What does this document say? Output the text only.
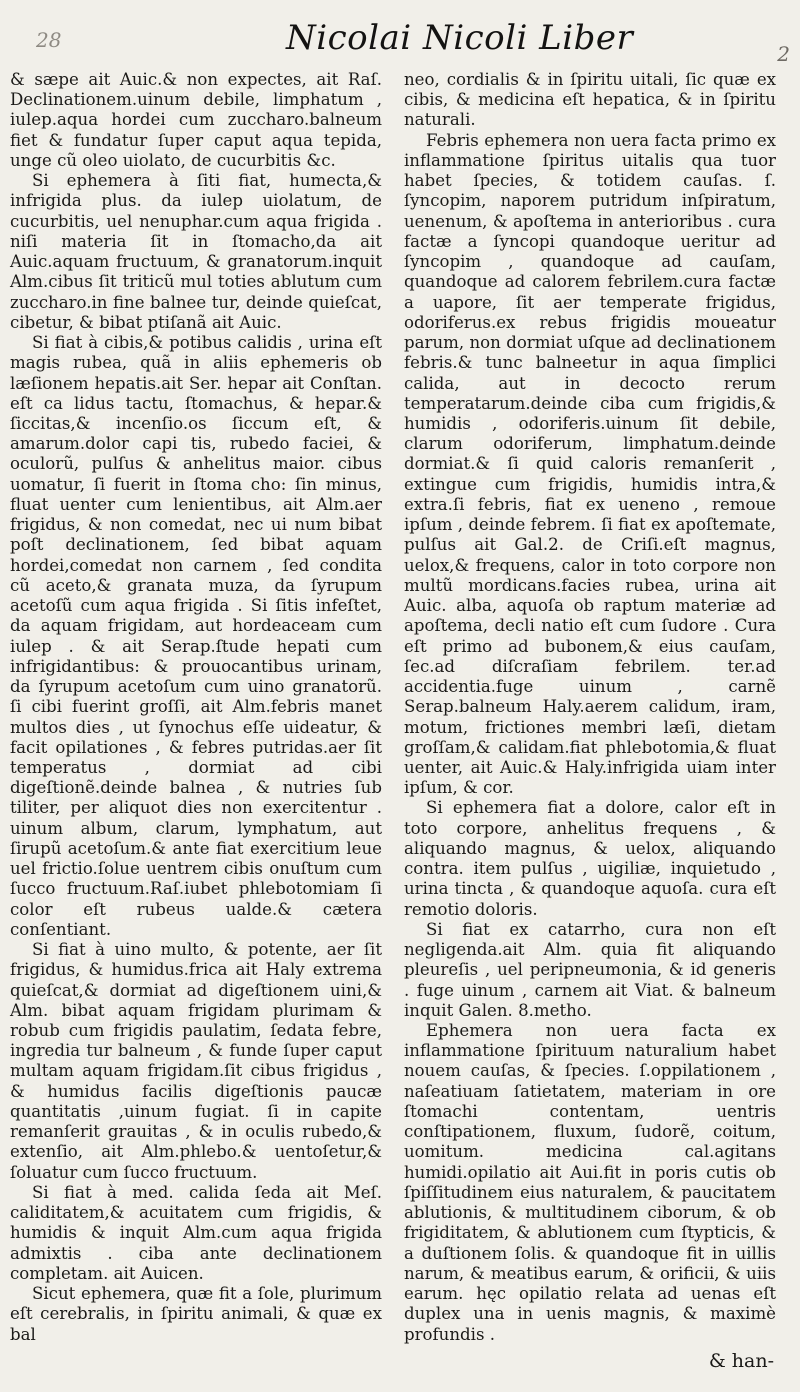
28	Nicolai Nicoli Liber	2

& sæpe ait Auic.& non expectes, ait Raſ. Declinationem.uinum debile, limphatum , iulep.aqua hordei cum zuccharo.balneum fiet & fundatur ſuper caput aqua tepida, unge cũ oleo uiolato, de cucurbitis &c.

Si ephemera à ſiti fiat, humecta,& infrigida plus. da iulep uiolatum, de cucurbitis, uel nenuphar.cum aqua frigida . niſi materia ſit in ſtomacho,da ait Auic.aquam fructuum, & granatorum.inquit Alm.cibus ſit triticũ mul toties ablutum cum zuccharo.in fine balnee tur, deinde quieſcat, cibetur, & bibat ptiſanã ait Auic.

Si fiat à cibis,& potibus calidis , urina eſt magis rubea, quã in aliis ephemeris ob læſionem hepatis.ait Ser. hepar ait Conſtan. eſt ca lidus tactu, ſtomachus, & hepar.& ſiccitas,& incenſio.os ſiccum eſt, & amarum.dolor capi tis, rubedo faciei, & oculorũ, pulſus & anhelitus maior. cibus uomatur, ſi fuerit in ſtoma cho: ſin minus, fluat uenter cum lenientibus, ait Alm.aer frigidus, & non comedat, nec ui num bibat poſt declinationem, ſed bibat aquam hordei,comedat non carnem , ſed condita cũ aceto,& granata muza, da ſyrupum acetoſũ cum aqua frigida . Si ſitis infeſtet, da aquam frigidam, aut hordeaceam cum iulep . & ait Serap.ſtude hepati cum infrigidantibus: & prouocantibus urinam, da ſyrupum acetoſum cum uino granatorũ. ſi cibi fuerint groſſi, ait Alm.febris manet multos dies , ut ſynochus eſſe uideatur, & facit opilationes , & febres putridas.aer ſit temperatus , dormiat ad cibi digeſtionẽ.deinde balnea , & nutries ſub tiliter, per aliquot dies non exercitentur . uinum album, clarum, lymphatum, aut ſirupũ acetoſum.& ante fiat exercitium leue uel frictio.ſolue uentrem cibis onuſtum cum ſucco fructuum.Raſ.iubet phlebotomiam ſi color eſt rubeus ualde.& cætera conſentiant.

Si fiat à uino multo, & potente, aer ſit frigidus, & humidus.frica ait Haly extrema quieſcat,& dormiat ad digeſtionem uini,& Alm. bibat aquam frigidam plurimam & robub cum frigidis paulatim, ſedata febre, ingredia tur balneum , & funde ſuper caput multam aquam frigidam.ſit cibus frigidus , & humidus facilis digeſtionis paucæ quantitatis ,uinum fugiat. ſi in capite remanſerit grauitas , & in oculis rubedo,& extenſio, ait Alm.phlebo.& uentoſetur,& ſoluatur cum ſucco fructuum.

Si fiat à med. calida ſeda ait Meſ. caliditatem,& acuitatem cum frigidis, & humidis & inquit Alm.cum aqua frigida admixtis . ciba ante declinationem completam. ait Auicen.

Sicut ephemera, quæ fit a ſole, plurimum eſt cerebralis, in ſpiritu animali, & quæ ex bal

neo, cordialis & in ſpiritu uitali, ſic quæ ex cibis, & medicina eſt hepatica, & in ſpiritu naturali.

Febris ephemera non uera facta primo ex inflammatione ſpiritus uitalis qua tuor habet ſpecies, & totidem cauſas. ſ. ſyncopim, naporem putridum inſpiratum, uenenum, & apoſtema in anterioribus . cura factæ a ſyncopi quandoque ueritur ad ſyncopim , quandoque ad cauſam, quandoque ad calorem febrilem.cura factæ a uapore, ſit aer temperate frigidus, odoriferus.ex rebus frigidis moueatur parum, non dormiat uſque ad declinationem febris.& tunc balneetur in aqua ſimplici calida, aut in decocto rerum temperatarum.deinde ciba cum frigidis,& humidis , odoriferis.uinum ſit debile, clarum odoriferum, limphatum.deinde dormiat.& ſi quid caloris remanſerit , extingue cum frigidis, humidis intra,& extra.ſi febris, fiat ex ueneno , remoue ipſum , deinde febrem. ſi fiat ex apoſtemate, pulſus ait Gal.2. de Criſi.eſt magnus, uelox,& frequens, calor in toto corpore non multũ mordicans.facies rubea, urina ait Auic. alba, aquoſa ob raptum materiæ ad apoſtema, decli natio eſt cum ſudore . Cura eſt primo ad bubonem,& eius cauſam, ſec.ad diſcraſiam febrilem. ter.ad accidentia.fuge uinum , carnẽ Serap.balneum Haly.aerem calidum, iram, motum, frictiones membri læſi, dietam groſſam,& calidam.fiat phlebotomia,& fluat uenter, ait Auic.& Haly.infrigida uiam inter ipſum, & cor.

Si ephemera fiat a dolore, calor eſt in toto corpore, anhelitus frequens , & aliquando magnus, & uelox, aliquando contra. item pulſus , uigiliæ, inquietudo , urina tincta , & quandoque aquoſa. cura eſt remotio doloris.

Si fiat ex catarrho, cura non eſt negligenda.ait Alm. quia fit aliquando pleureſis , uel peripneumonia, & id generis . fuge uinum , carnem ait Viat. & balneum inquit Galen. 8.metho.

Ephemera non uera facta ex inflammatione ſpirituum naturalium habet nouem cauſas, & ſpecies. ſ.oppilationem , naſeatiuam ſatietatem, materiam in ore ſtomachi contentam, uentris conſtipationem, fluxum, ſudorẽ, coitum, uomitum. medicina cal.agitans humidi.opilatio ait Aui.fit in poris cutis ob ſpiſſitudinem eius naturalem, & paucitatem ablutionis, & multitudinem ciborum, & ob frigiditatem, & ablutionem cum ſtypticis, & a duſtionem ſolis. & quandoque fit in uillis narum, & meatibus earum, & orificii, & uiis earum. hęc opilatio relata ad uenas eſt duplex una in uenis magnis, & maximè profundis .

& han-
